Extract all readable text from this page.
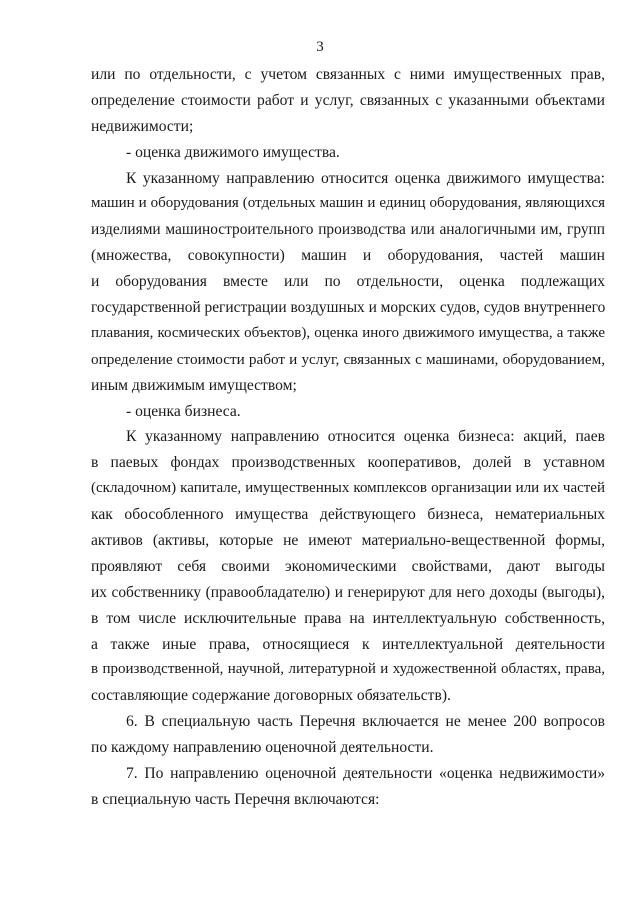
3
или по отдельности, с учетом связанных с ними имущественных прав,
определение стоимости работ и услуг, связанных с указанными объектами
недвижимости;
- оценка движимого имущества.
К указанному направлению относится оценка движимого имущества:
машин и оборудования (отдельных машин и единиц оборудования, являющихся
изделиями машиностроительного производства или аналогичными им, групп
(множества, совокупности) машин и оборудования, частей машин
и оборудования вместе или по отдельности, оценка подлежащих
государственной регистрации воздушных и морских судов, судов внутреннего
плавания, космических объектов), оценка иного движимого имущества, а также
определение стоимости работ и услуг, связанных с машинами, оборудованием,
иным движимым имуществом;
- оценка бизнеса.
К указанному направлению относится оценка бизнеса: акций, паев
в паевых фондах производственных кооперативов, долей в уставном
(складочном) капитале, имущественных комплексов организации или их частей
как обособленного имущества действующего бизнеса, нематериальных
активов (активы, которые не имеют материально-вещественной формы,
проявляют себя своими экономическими свойствами, дают выгоды
их собственнику (правообладателю) и генерируют для него доходы (выгоды),
в том числе исключительные права на интеллектуальную собственность,
а также иные права, относящиеся к интеллектуальной деятельности
в производственной, научной, литературной и художественной областях, права,
составляющие содержание договорных обязательств).
6. В специальную часть Перечня включается не менее 200 вопросов
по каждому направлению оценочной деятельности.
7. По направлению оценочной деятельности «оценка недвижимости»
в специальную часть Перечня включаются:
